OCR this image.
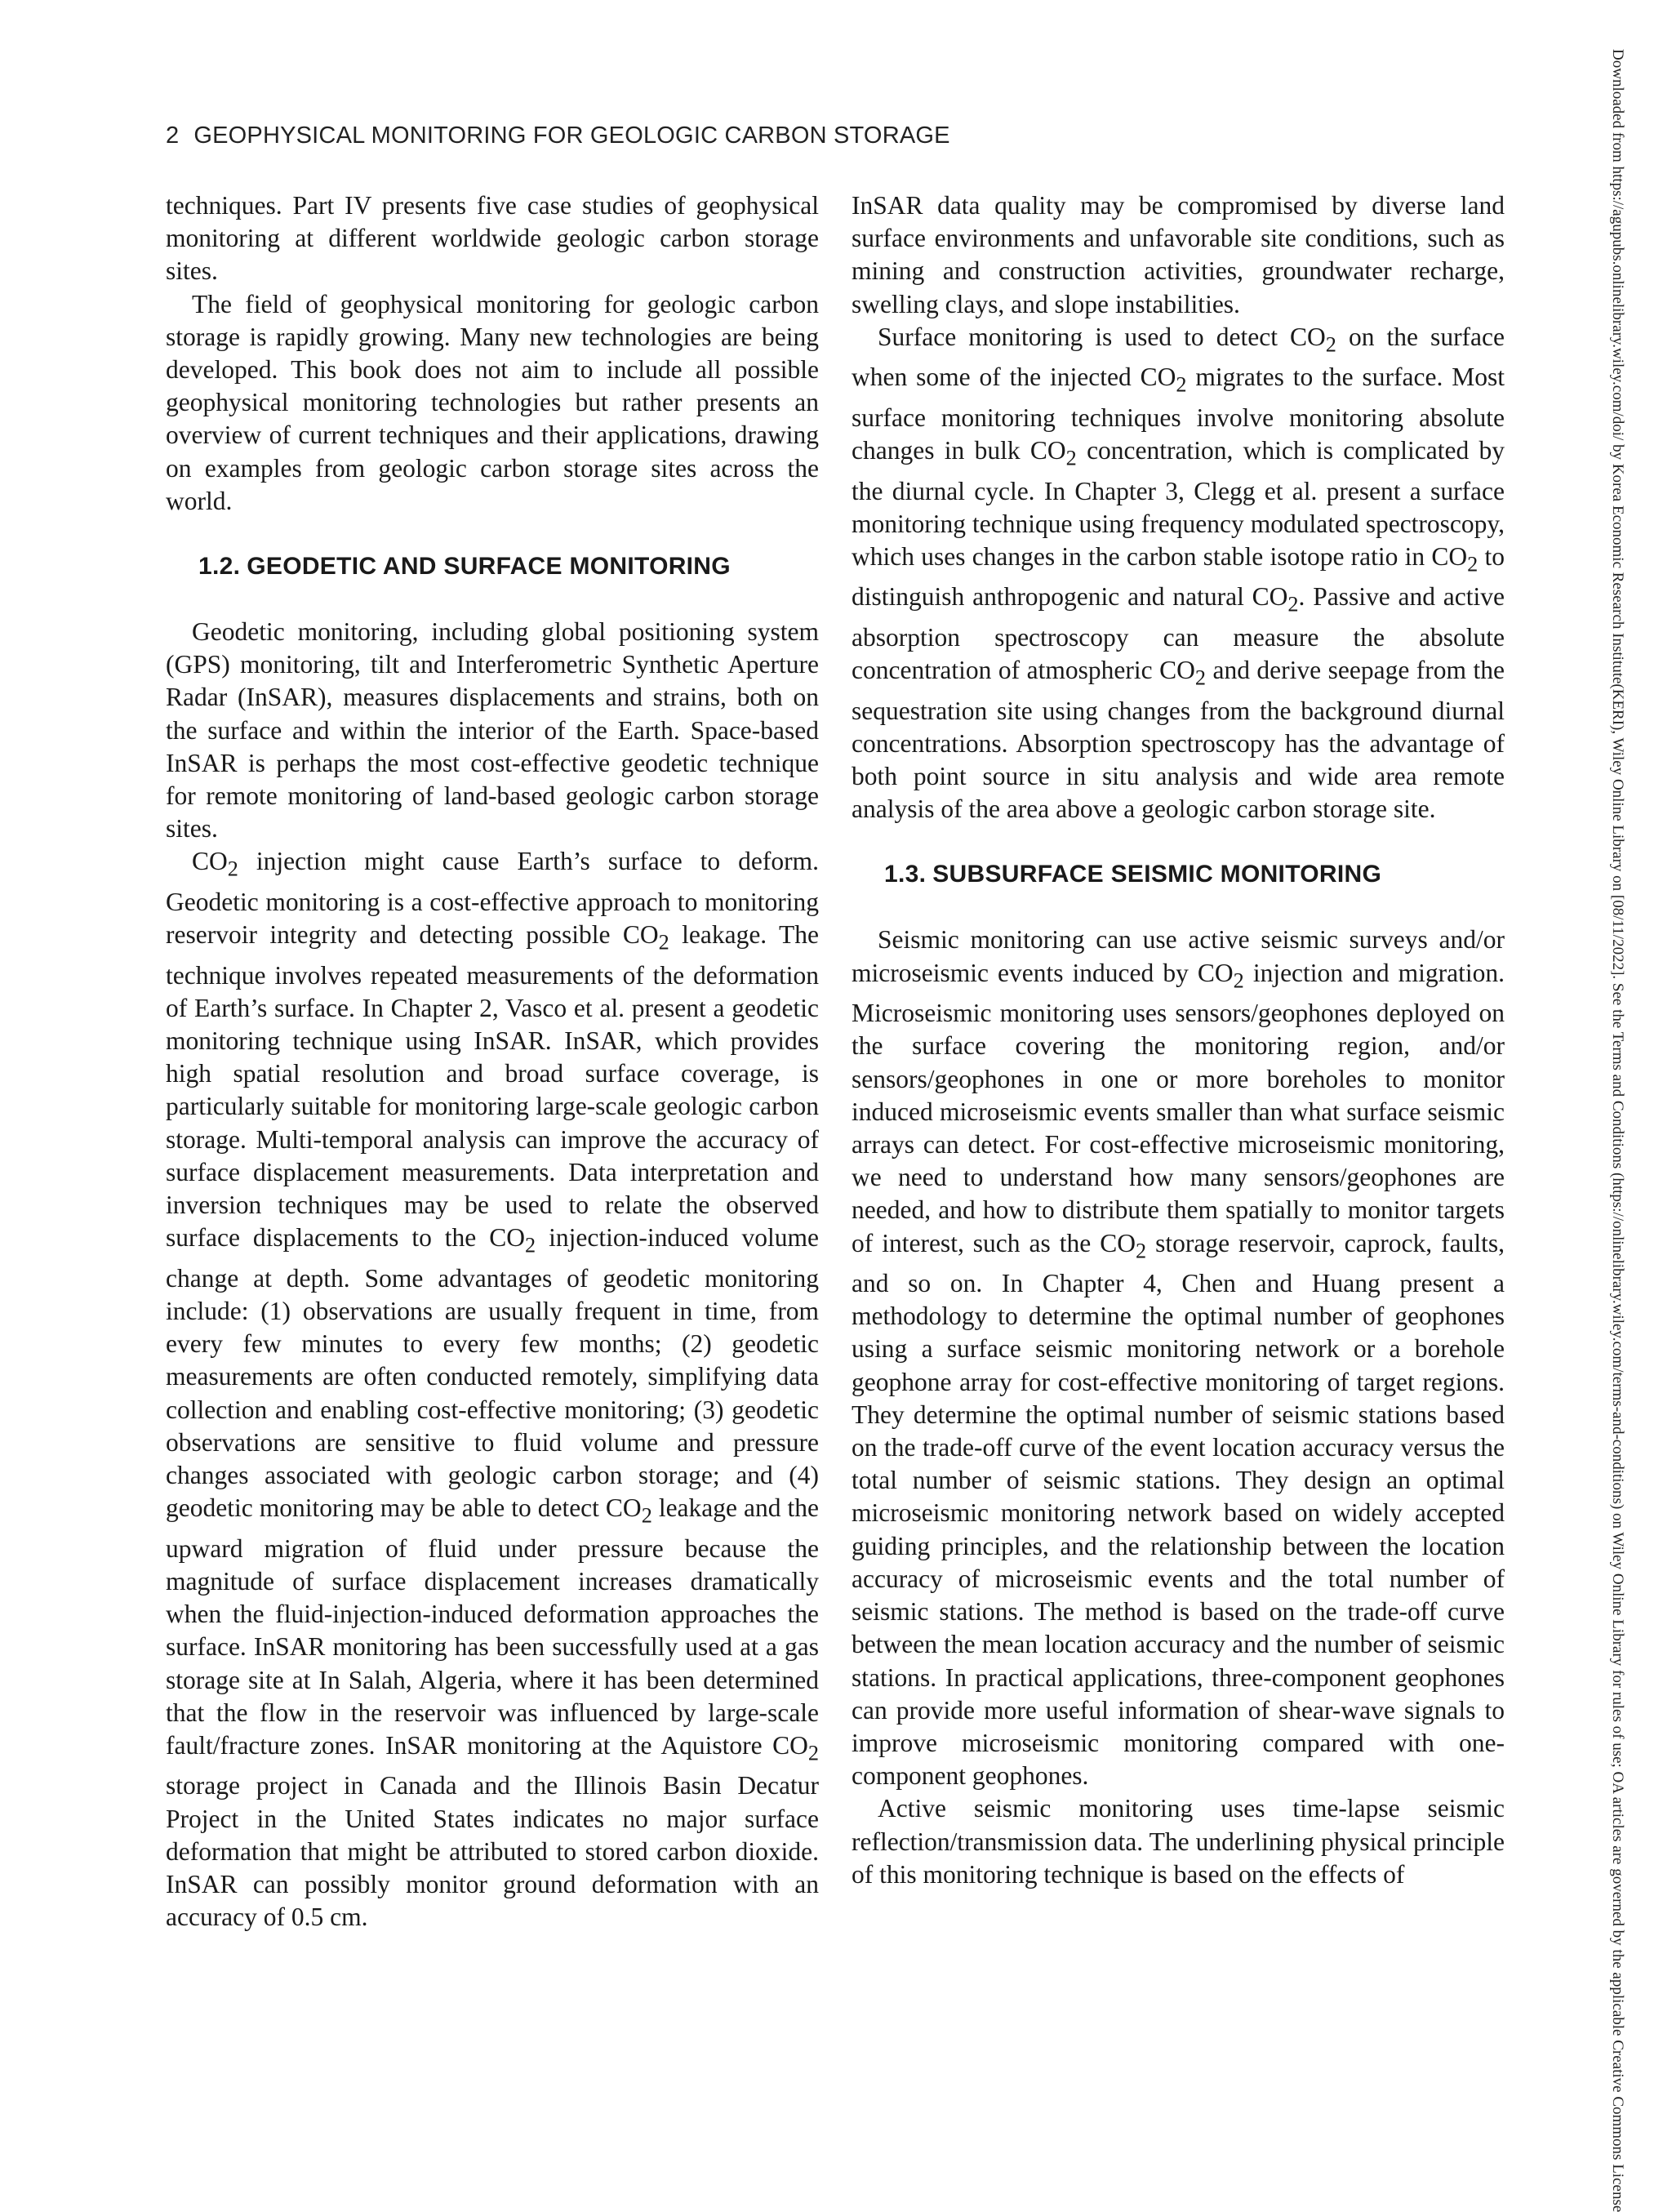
2 GEOPHYSICAL MONITORING FOR GEOLOGIC CARBON STORAGE

techniques. Part IV presents five case studies of geophysical monitoring at different worldwide geologic carbon storage sites.

The field of geophysical monitoring for geologic carbon storage is rapidly growing. Many new technologies are being developed. This book does not aim to include all possible geophysical monitoring technologies but rather presents an overview of current techniques and their applications, drawing on examples from geologic carbon storage sites across the world.

1.2. GEODETIC AND SURFACE MONITORING

Geodetic monitoring, including global positioning system (GPS) monitoring, tilt and Interferometric Synthetic Aperture Radar (InSAR), measures displacements and strains, both on the surface and within the interior of the Earth. Space-based InSAR is perhaps the most cost-effective geodetic technique for remote monitoring of land-based geologic carbon storage sites.

$CO_2$ injection might cause Earth’s surface to deform. Geodetic monitoring is a cost-effective approach to monitoring reservoir integrity and detecting possible $CO_2$ leakage. The technique involves repeated measurements of the deformation of Earth’s surface. In Chapter 2, Vasco et al. present a geodetic monitoring technique using InSAR. InSAR, which provides high spatial resolution and broad surface coverage, is particularly suitable for monitoring large-scale geologic carbon storage. Multi-temporal analysis can improve the accuracy of surface displacement measurements. Data interpretation and inversion techniques may be used to relate the observed surface displacements to the $CO_2$ injection-induced volume change at depth. Some advantages of geodetic monitoring include: (1) observations are usually frequent in time, from every few minutes to every few months; (2) geodetic measurements are often conducted remotely, simplifying data collection and enabling cost-effective monitoring; (3) geodetic observations are sensitive to fluid volume and pressure changes associated with geologic carbon storage; and (4) geodetic monitoring may be able to detect $CO_2$ leakage and the upward migration of fluid under pressure because the magnitude of surface displacement increases dramatically when the fluid-injection-induced deformation approaches the surface. InSAR monitoring has been successfully used at a gas storage site at In Salah, Algeria, where it has been determined that the flow in the reservoir was influenced by large-scale fault/fracture zones. InSAR monitoring at the Aquistore $CO_2$ storage project in Canada and the Illinois Basin Decatur Project in the United States indicates no major surface deformation that might be attributed to stored carbon dioxide. InSAR can possibly monitor ground deformation with an accuracy of 0.5 cm.

InSAR data quality may be compromised by diverse land surface environments and unfavorable site conditions, such as mining and construction activities, groundwater recharge, swelling clays, and slope instabilities.

Surface monitoring is used to detect $CO_2$ on the surface when some of the injected $CO_2$ migrates to the surface. Most surface monitoring techniques involve monitoring absolute changes in bulk $CO_2$ concentration, which is complicated by the diurnal cycle. In Chapter 3, Clegg et al. present a surface monitoring technique using frequency modulated spectroscopy, which uses changes in the carbon stable isotope ratio in $CO_2$ to distinguish anthropogenic and natural $CO_2$. Passive and active absorption spectroscopy can measure the absolute concentration of atmospheric $CO_2$ and derive seepage from the sequestration site using changes from the background diurnal concentrations. Absorption spectroscopy has the advantage of both point source in situ analysis and wide area remote analysis of the area above a geologic carbon storage site.

1.3. SUBSURFACE SEISMIC MONITORING

Seismic monitoring can use active seismic surveys and/or microseismic events induced by $CO_2$ injection and migration. Microseismic monitoring uses sensors/geophones deployed on the surface covering the monitoring region, and/or sensors/geophones in one or more boreholes to monitor induced microseismic events smaller than what surface seismic arrays can detect. For cost-effective microseismic monitoring, we need to understand how many sensors/geophones are needed, and how to distribute them spatially to monitor targets of interest, such as the $CO_2$ storage reservoir, caprock, faults, and so on. In Chapter 4, Chen and Huang present a methodology to determine the optimal number of geophones using a surface seismic monitoring network or a borehole geophone array for cost-effective monitoring of target regions. They determine the optimal number of seismic stations based on the trade-off curve of the event location accuracy versus the total number of seismic stations. They design an optimal microseismic monitoring network based on widely accepted guiding principles, and the relationship between the location accuracy of microseismic events and the total number of seismic stations. The method is based on the trade-off curve between the mean location accuracy and the number of seismic stations. In practical applications, three-component geophones can provide more useful information of shear-wave signals to improve microseismic monitoring compared with one-component geophones.

Active seismic monitoring uses time-lapse seismic reflection/transmission data. The underlining physical principle of this monitoring technique is based on the effects of	Downloaded from https://agupubs.onlinelibrary.wiley.com/doi/ by Korea Economic Research Institute(KERI), Wiley Online Library on [08/11/2022]. See the Terms and Conditions (https://onlinelibrary.wiley.com/terms-and-conditions) on Wiley Online Library for rules of use; OA articles are governed by the applicable Creative Commons License
